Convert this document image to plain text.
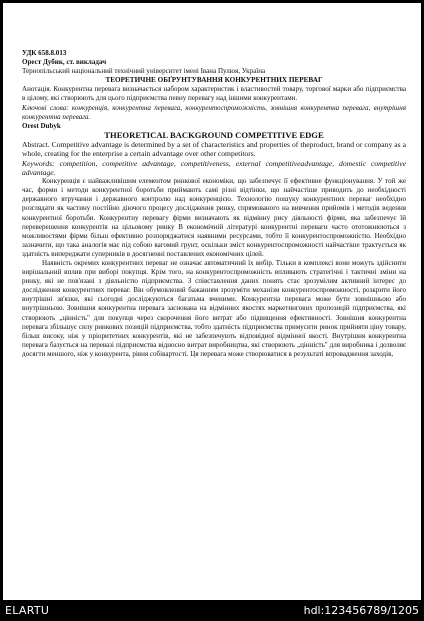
УДК 658.8.013

Орест Дубик, ст. викладач

Тернопільський національний технічний університет імені Івана Пулюя, Україна

ТЕОРЕТИЧНЕ ОБҐРУНТУВАННЯ КОНКУРЕНТНИХ ПЕРЕВАГ

Анотація. Конкурентна перевага визначається набором характеристик і властивостей товару, торгової марки або підприємства в цілому, які створюють для цього підприємства певну перевагу над іншими конкурентами.

Ключові слова: конкуренція, конкурентна перевага, конкурентоспроможність, зовнішня конкурентна перевага, внутрішня конкурентна перевага.

Orest Dubyk

THEORETICAL BACKGROUND COMPETITIVE EDGE

Abstract. Competitive advantage is determined by a set of characteristics and properties of theproduct, brand or company as a whole, creating for the enterprise a certain advantage over other competitors.

Keywords: competition, competitive advantage, competitiveness, external competitiveadvantage, domestic competitive advantage.

Конкуренція є найважливішим елементом ринкової економіки, що забезпечує її ефективне функціонування. У той же час, форми і методи конкурентної боротьби приймають самі різні відтінки, що найчастіше приводить до необхідності державного втручання і державного контролю над конкуренцією. Технологію пошуку конкурентних переваг необхідно розглядати як частину постійно діючого процесу дослідження ринку, спрямованого на вивчення прийомів і методів ведення конкурентної боротьби. Конкурентну перевагу фірми визначають як відмінну рису діяльності фірми, яка забезпечує їй переверешення конкурентів на цільовому ринку В економічній літературі конкурентні переваги часто ототожнюються з можливостями фірми більш ефективно розпоряджатися наявними ресурсами, тобто її конкурентоспроможністю. Необхідно зазначити, що така аналогія має під собою вагомий грунт, оскільки зміст конкурентоспроможності найчастіше трактується як здатність випереджати суперників в досягненні поставлених економічних цілей.

Наявність окремих конкурентних переваг не означає автоматичний їх вибір. Тільки в комплексі вони можуть здійснити вирішальний вплив при виборі покупця. Крім того, на конкурентоспроможність впливають стратегічні і тактичні зміни на ринку, які не пов'язані з діяльністю підприємства. З співставлення даних понять стає зрозумілим активний інтерес до дослідження конкурентних переваг. Він обумовлений бажанням зрозуміти механізм конкурентоспроможності, розкрити його внутрішні зв'язки, які сьогодні досліджуються багатьма вченими. Конкурентна перевага може бути зовнішньою або внутрішньою. Зовнішня конкурентна перевага заснована на відмінних якостях маркетингових пропозицій підприємства, які створюють „цінність" для покупця через скорочення його витрат або підвищення ефективності. Зовнішня конкурентна перевага збільшує силу ринкових позицій підприємства, тобто здатність підприємства примусити ринок прийняти ціну товару, більш високу, ніж у пріоритетних конкурентів, які не забезпечують відповідної відмінної якості. Внутрішня конкурентна перевага базується на перевазі підприємства відносно витрат виробництва, які створюють „цінність" для виробника і дозволяє досягти меншого, ніж у конкурента, рівня собівартості. Ця перевага може створюватися в результаті впровадження заходів,

ELARTU	hdl:123456789/1205
